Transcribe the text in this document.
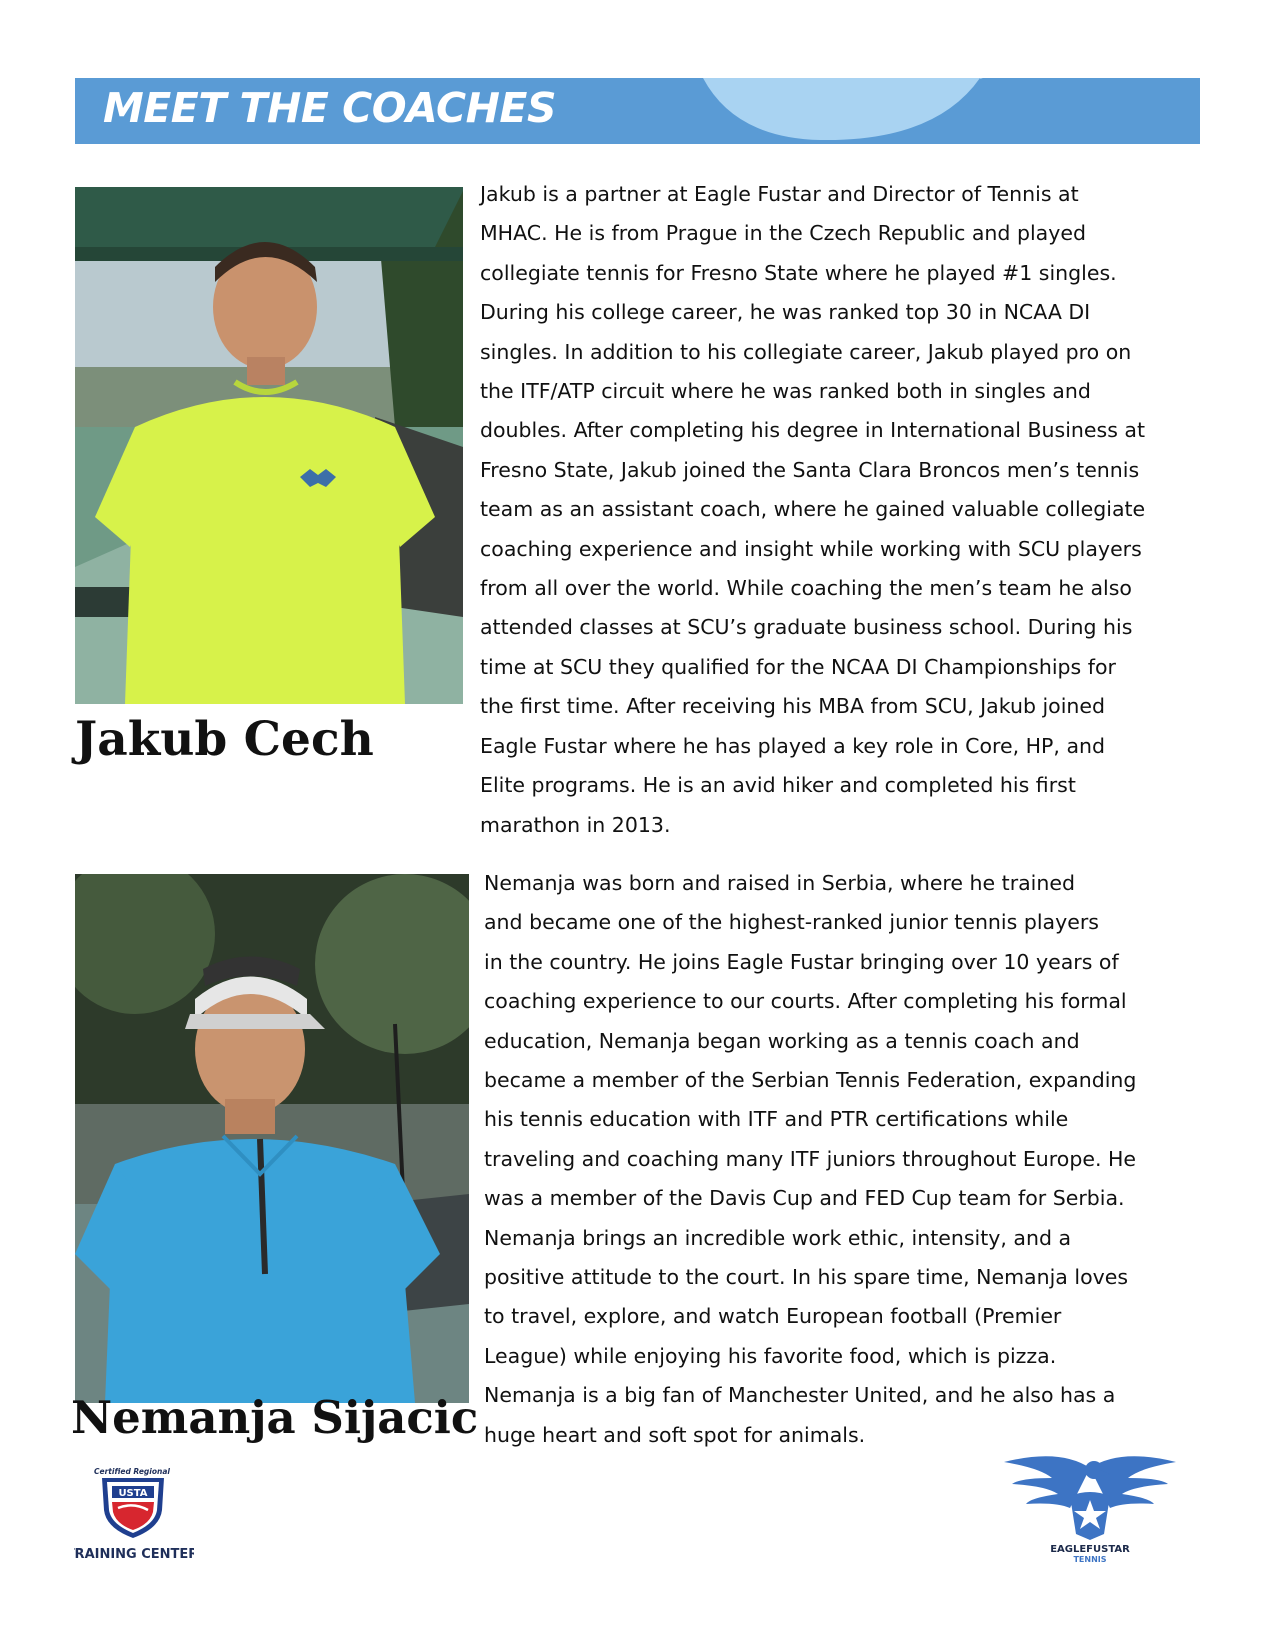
MEET THE COACHES
Jakub Cech
Jakub is a partner at Eagle Fustar and Director of Tennis at
MHAC. He is from Prague in the Czech Republic and played
collegiate tennis for Fresno State where he played #1 singles.
During his college career, he was ranked top 30 in NCAA DI
singles. In addition to his collegiate career, Jakub played pro on
the ITF/ATP circuit where he was ranked both in singles and
doubles. After completing his degree in International Business at
Fresno State, Jakub joined the Santa Clara Broncos men’s tennis
team as an assistant coach, where he gained valuable collegiate
coaching experience and insight while working with SCU players
from all over the world. While coaching the men’s team he also
attended classes at SCU’s graduate business school. During his
time at SCU they qualified for the NCAA DI Championships for
the first time. After receiving his MBA from SCU, Jakub joined
Eagle Fustar where he has played a key role in Core, HP, and
Elite programs. He is an avid hiker and completed his first
marathon in 2013.
Nemanja Sijacic
Nemanja was born and raised in Serbia, where he trained
and became one of the highest-ranked junior tennis players
in the country. He joins Eagle Fustar bringing over 10 years of
coaching experience to our courts. After completing his formal
education, Nemanja began working as a tennis coach and
became a member of the Serbian Tennis Federation, expanding
his tennis education with ITF and PTR certifications while
traveling and coaching many ITF juniors throughout Europe. He
was a member of the Davis Cup and FED Cup team for Serbia.
Nemanja brings an incredible work ethic, intensity, and a
positive attitude to the court. In his spare time, Nemanja loves
to travel, explore, and watch European football (Premier
League) while enjoying his favorite food, which is pizza.
Nemanja is a big fan of Manchester United, and he also has a
huge heart and soft spot for animals.
Certified Regional
USTA
TRAINING CENTER	EAGLEFUSTAR
TENNIS
